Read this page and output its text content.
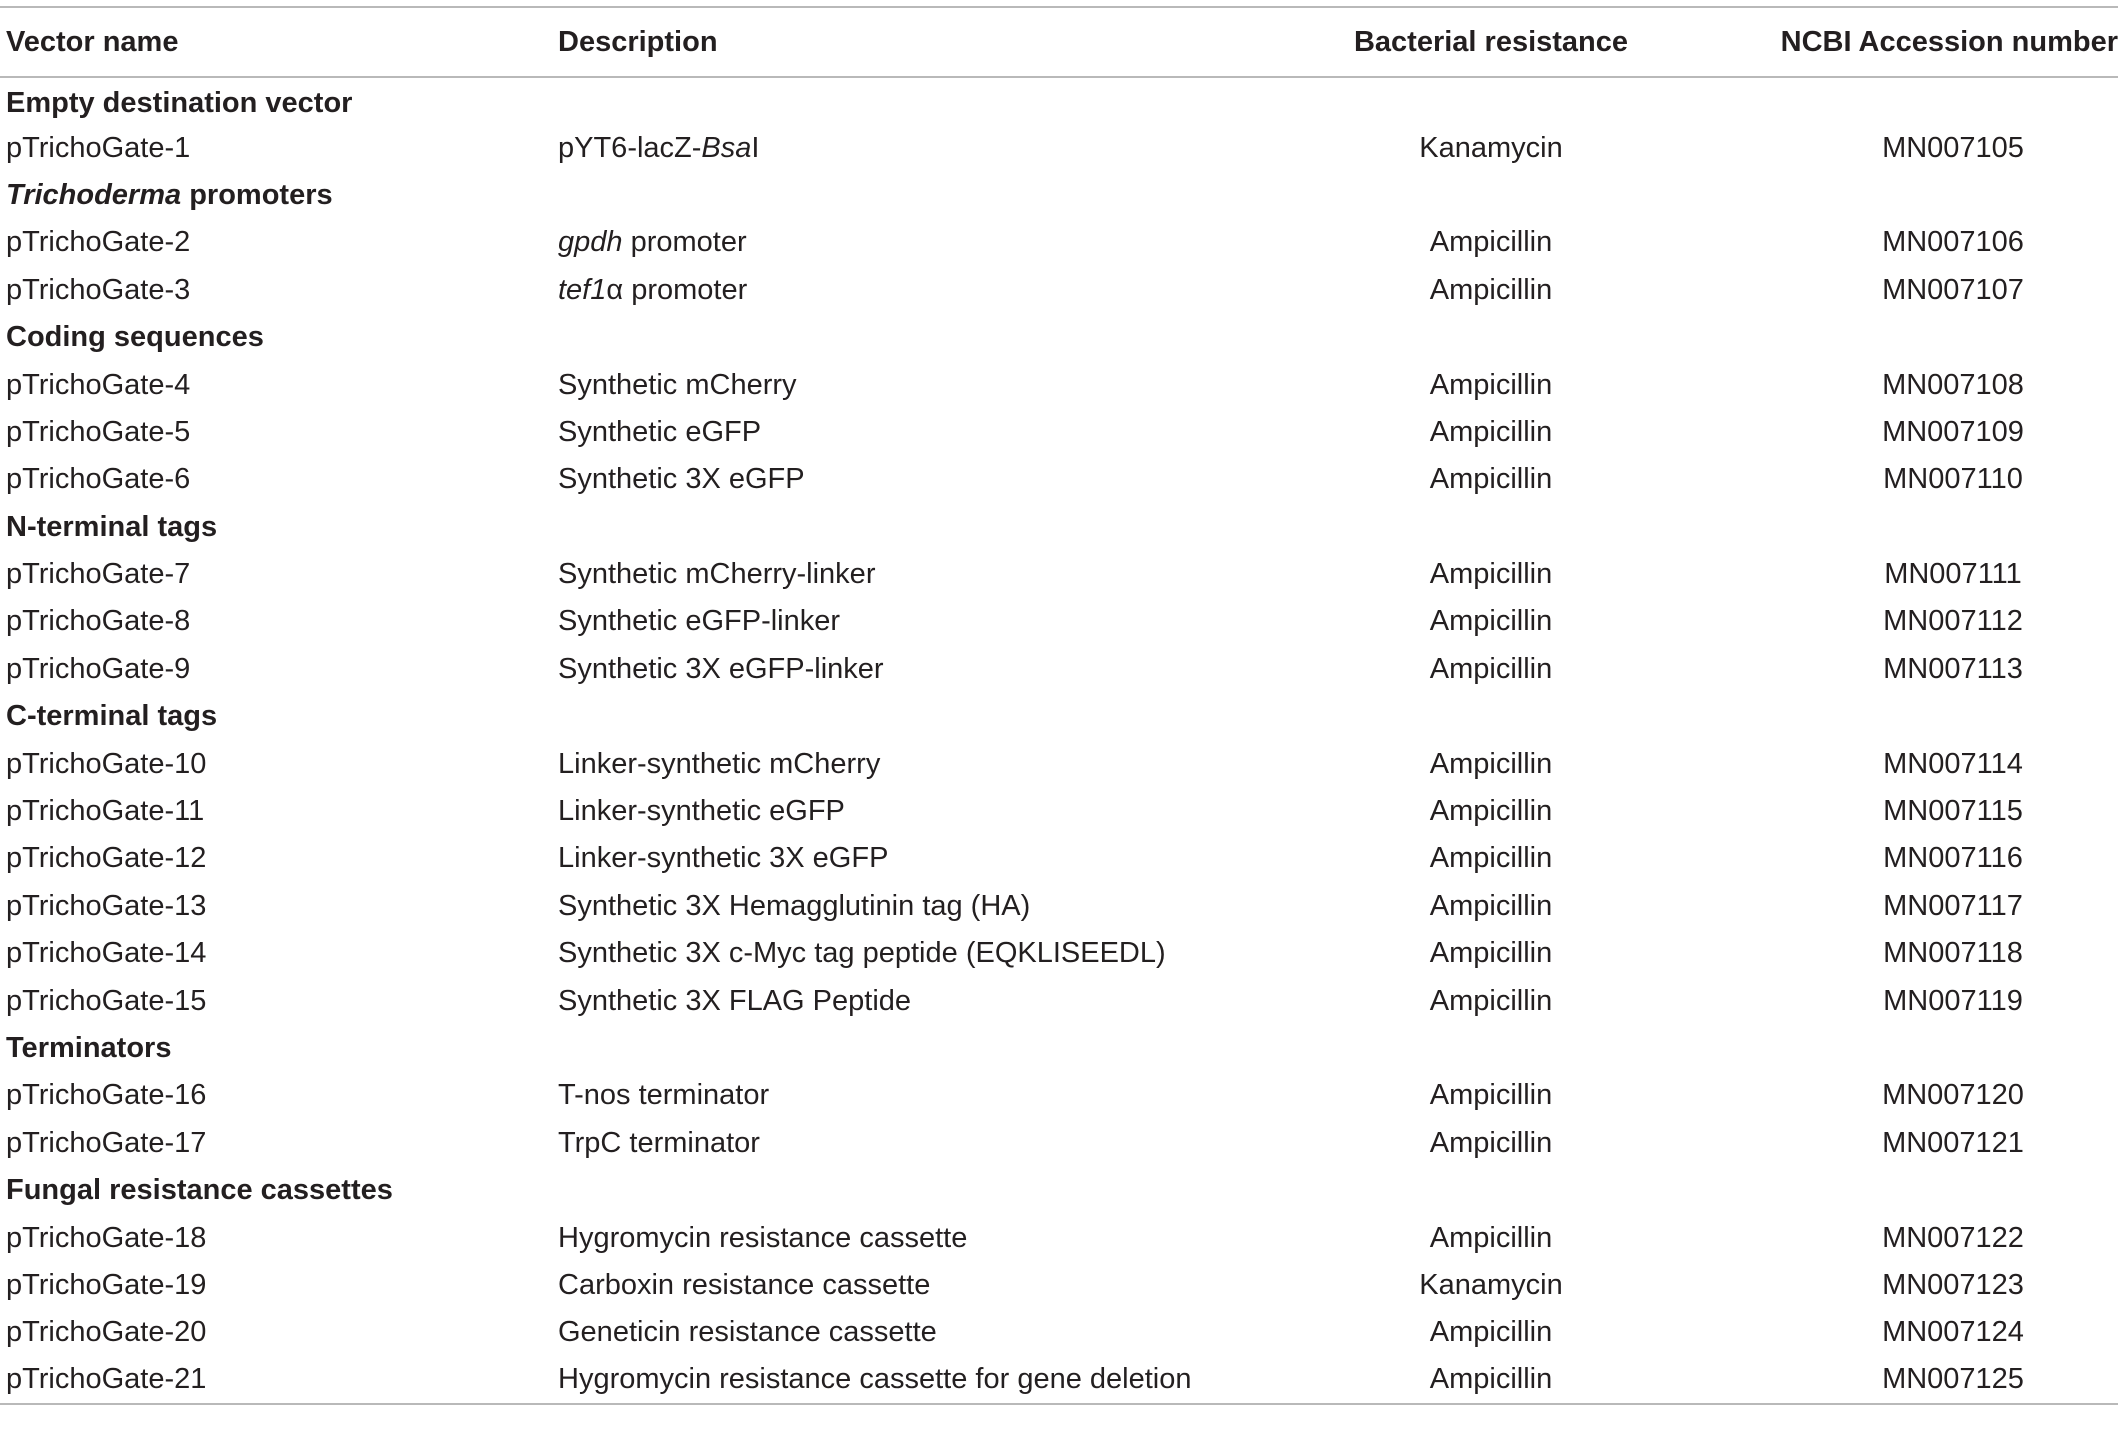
Vector name	Description	Bacterial resistance	NCBI Accession number
Empty destination vector			
pTrichoGate-1	pYT6-lacZ-BsaI	Kanamycin	MN007105
Trichoderma promoters			
pTrichoGate-2	gpdh promoter	Ampicillin	MN007106
pTrichoGate-3	tef1α promoter	Ampicillin	MN007107
Coding sequences			
pTrichoGate-4	Synthetic mCherry	Ampicillin	MN007108
pTrichoGate-5	Synthetic eGFP	Ampicillin	MN007109
pTrichoGate-6	Synthetic 3X eGFP	Ampicillin	MN007110
N-terminal tags			
pTrichoGate-7	Synthetic mCherry-linker	Ampicillin	MN007111
pTrichoGate-8	Synthetic eGFP-linker	Ampicillin	MN007112
pTrichoGate-9	Synthetic 3X eGFP-linker	Ampicillin	MN007113
C-terminal tags			
pTrichoGate-10	Linker-synthetic mCherry	Ampicillin	MN007114
pTrichoGate-11	Linker-synthetic eGFP	Ampicillin	MN007115
pTrichoGate-12	Linker-synthetic 3X eGFP	Ampicillin	MN007116
pTrichoGate-13	Synthetic 3X Hemagglutinin tag (HA)	Ampicillin	MN007117
pTrichoGate-14	Synthetic 3X c-Myc tag peptide (EQKLISEEDL)	Ampicillin	MN007118
pTrichoGate-15	Synthetic 3X FLAG Peptide	Ampicillin	MN007119
Terminators			
pTrichoGate-16	T-nos terminator	Ampicillin	MN007120
pTrichoGate-17	TrpC terminator	Ampicillin	MN007121
Fungal resistance cassettes			
pTrichoGate-18	Hygromycin resistance cassette	Ampicillin	MN007122
pTrichoGate-19	Carboxin resistance cassette	Kanamycin	MN007123
pTrichoGate-20	Geneticin resistance cassette	Ampicillin	MN007124
pTrichoGate-21	Hygromycin resistance cassette for gene deletion	Ampicillin	MN007125
